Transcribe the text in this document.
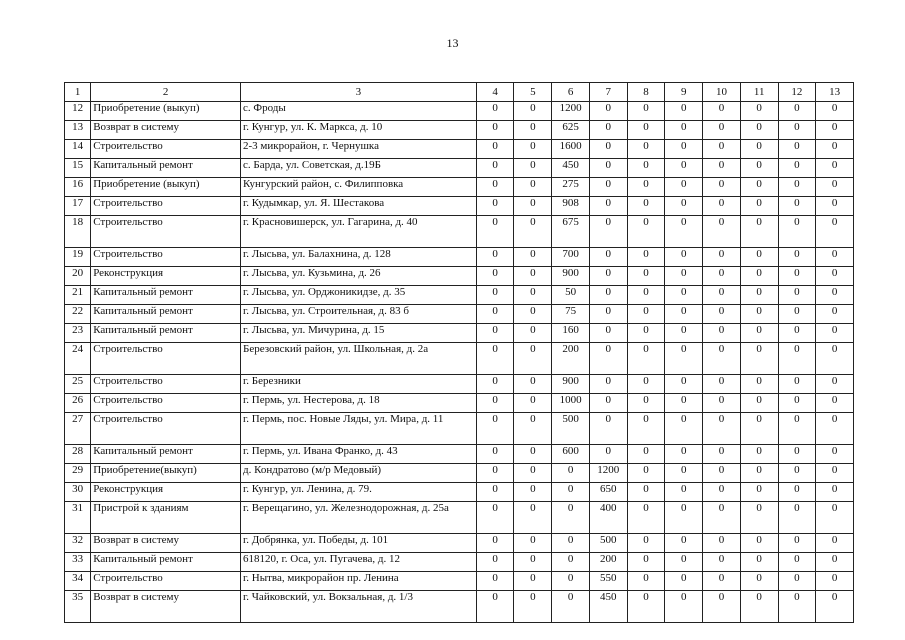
13
1	2	3	4	5	6	7	8	9	10	11	12	13
12	Приобретение (выкуп)	с. Фроды	0	0	1200	0	0	0	0	0	0	0
13	Возврат в систему	г. Кунгур, ул. К. Маркса, д. 10	0	0	625	0	0	0	0	0	0	0
14	Строительство	2-3 микрорайон, г. Чернушка	0	0	1600	0	0	0	0	0	0	0
15	Капитальный ремонт	с. Барда, ул. Советская, д.19Б	0	0	450	0	0	0	0	0	0	0
16	Приобретение (выкуп)	Кунгурский район, с. Филипповка	0	0	275	0	0	0	0	0	0	0
17	Строительство	г. Кудымкар, ул. Я. Шестакова	0	0	908	0	0	0	0	0	0	0
18	Строительство	г. Красновишерск, ул. Гагарина, д. 40	0	0	675	0	0	0	0	0	0	0
19	Строительство	г. Лысьва, ул. Балахнина, д. 128	0	0	700	0	0	0	0	0	0	0
20	Реконструкция	г. Лысьва, ул. Кузьмина, д. 26	0	0	900	0	0	0	0	0	0	0
21	Капитальный ремонт	г. Лысьва, ул. Орджоникидзе, д. 35	0	0	50	0	0	0	0	0	0	0
22	Капитальный ремонт	г. Лысьва, ул. Строительная, д. 83 б	0	0	75	0	0	0	0	0	0	0
23	Капитальный ремонт	г. Лысьва, ул. Мичурина, д. 15	0	0	160	0	0	0	0	0	0	0
24	Строительство	Березовский район, ул. Школьная, д. 2а	0	0	200	0	0	0	0	0	0	0
25	Строительство	г. Березники	0	0	900	0	0	0	0	0	0	0
26	Строительство	г. Пермь, ул. Нестерова, д. 18	0	0	1000	0	0	0	0	0	0	0
27	Строительство	г. Пермь, пос. Новые Ляды, ул. Мира, д. 11	0	0	500	0	0	0	0	0	0	0
28	Капитальный ремонт	г. Пермь, ул. Ивана Франко, д. 43	0	0	600	0	0	0	0	0	0	0
29	Приобретение(выкуп)	д. Кондратово (м/р Медовый)	0	0	0	1200	0	0	0	0	0	0
30	Реконструкция	г. Кунгур, ул. Ленина, д. 79.	0	0	0	650	0	0	0	0	0	0
31	Пристрой к зданиям	г. Верещагино, ул. Железнодорожная, д. 25а	0	0	0	400	0	0	0	0	0	0
32	Возврат в систему	г. Добрянка, ул. Победы, д. 101	0	0	0	500	0	0	0	0	0	0
33	Капитальный ремонт	618120, г. Оса, ул. Пугачева, д. 12	0	0	0	200	0	0	0	0	0	0
34	Строительство	г. Нытва, микрорайон пр. Ленина	0	0	0	550	0	0	0	0	0	0
35	Возврат в систему	г. Чайковский, ул. Вокзальная, д. 1/3	0	0	0	450	0	0	0	0	0	0
